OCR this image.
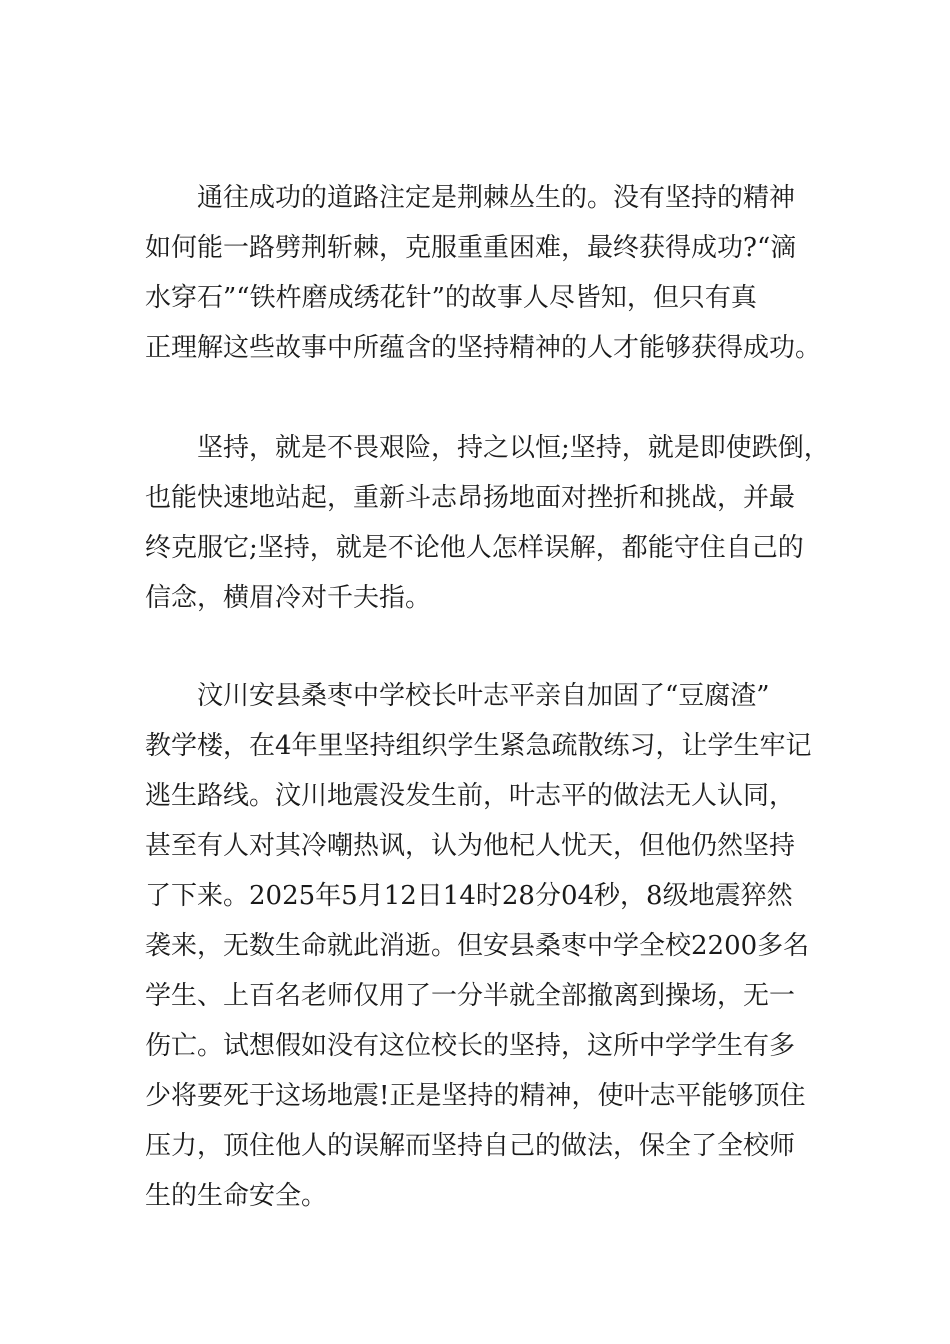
通往成功的道路注定是荆棘丛生的。没有坚持的精神
如何能一路劈荆斩棘，克服重重困难，最终获得成功?“滴
水穿石”“铁杵磨成绣花针”的故事人尽皆知，但只有真
正理解这些故事中所蕴含的坚持精神的人才能够获得成功。
坚持，就是不畏艰险，持之以恒;坚持，就是即使跌倒，
也能快速地站起，重新斗志昂扬地面对挫折和挑战，并最
终克服它;坚持，就是不论他人怎样误解，都能守住自己的
信念，横眉冷对千夫指。
汶川安县桑枣中学校长叶志平亲自加固了“豆腐渣”
教学楼，在4年里坚持组织学生紧急疏散练习，让学生牢记
逃生路线。汶川地震没发生前，叶志平的做法无人认同，
甚至有人对其冷嘲热讽，认为他杞人忧天，但他仍然坚持
了下来。2025年5月12日14时28分04秒，8级地震猝然
袭来，无数生命就此消逝。但安县桑枣中学全校2200多名
学生、上百名老师仅用了一分半就全部撤离到操场，无一
伤亡。试想假如没有这位校长的坚持，这所中学学生有多
少将要死于这场地震!正是坚持的精神，使叶志平能够顶住
压力，顶住他人的误解而坚持自己的做法，保全了全校师
生的生命安全。
